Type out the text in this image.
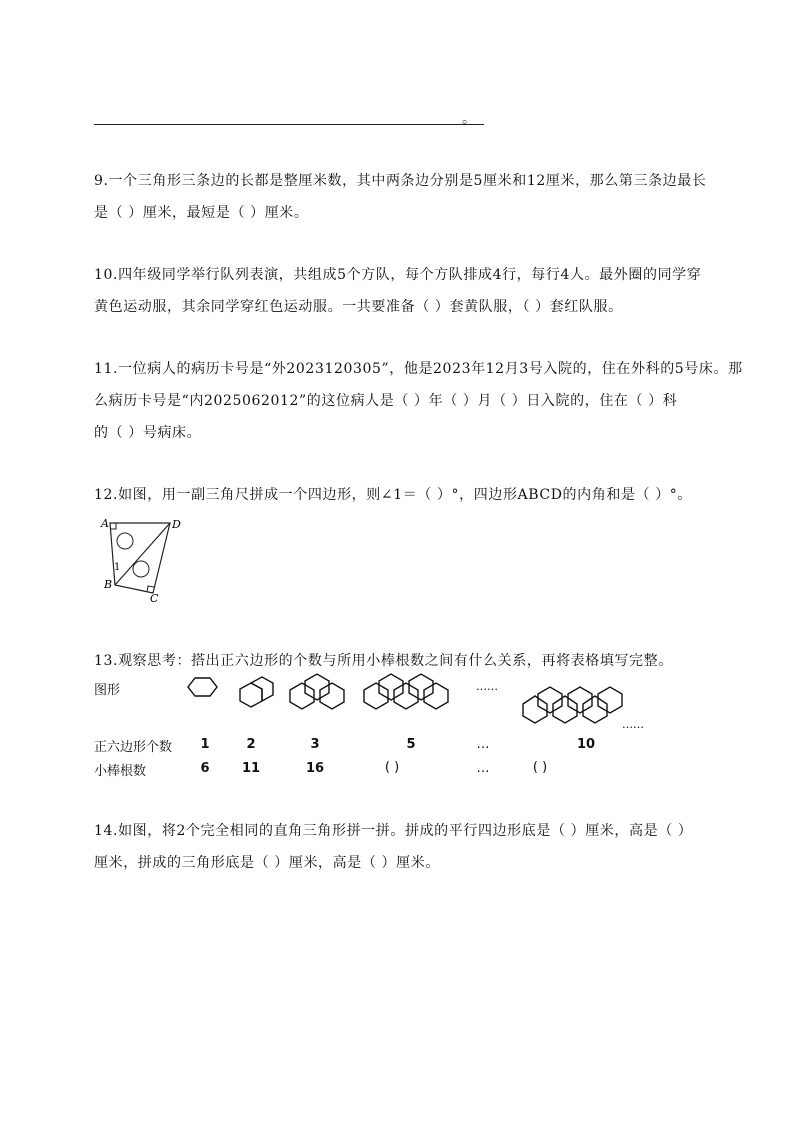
。
9.一个三角形三条边的长都是整厘米数，其中两条边分别是5厘米和12厘米，那么第三条边最长
是（ ）厘米，最短是（ ）厘米。
10.四年级同学举行队列表演，共组成5个方队，每个方队排成4行，每行4人。最外圈的同学穿
黄色运动服，其余同学穿红色运动服。一共要准备（ ）套黄队服，（ ）套红队服。
11.一位病人的病历卡号是“外2023120305”，他是2023年12月3号入院的，住在外科的5号床。那
么病历卡号是“内2025062012”的这位病人是（ ）年（ ）月（ ）日入院的，住在（ ）科
的（ ）号病床。
12.如图，用一副三角尺拼成一个四边形，则∠1＝（ ）°，四边形ABCD的内角和是（ ）°。
A	D
B
C
1
13.观察思考：搭出正六边形的个数与所用小棒根数之间有什么关系，再将表格填写完整。
图形	……
……
正六边形个数	1	2	3	5	…	10
小棒根数	6	11	16	( )	…	( )
14.如图，将2个完全相同的直角三角形拼一拼。拼成的平行四边形底是（ ）厘米，高是（ ）
厘米，拼成的三角形底是（ ）厘米，高是（ ）厘米。
